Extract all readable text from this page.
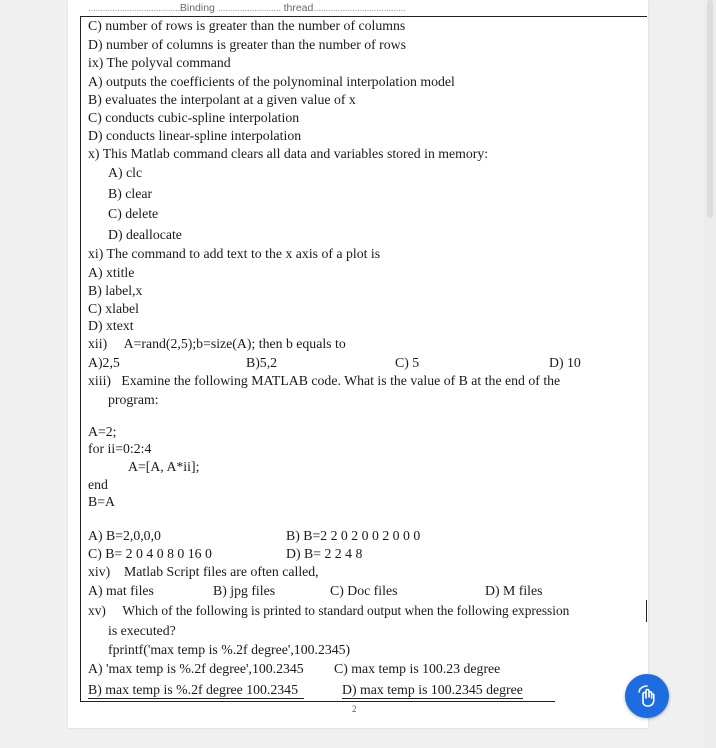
......................................Binding .......................... thread......................................
C) number of rows is greater than the number of columns
D) number of columns is greater than the number of rows
ix) The polyval command
A) outputs the coefficients of the polynominal interpolation model
B) evaluates the interpolant at a given value of x
C) conducts cubic-spline interpolation
D) conducts linear-spline interpolation
x) This Matlab command clears all data and variables stored in memory:
A) clc
B) clear
C) delete
D) deallocate
xi) The command to add text to the x axis of a plot is
A) xtitle
B) label,x
C) xlabel
D) xtext
xii)     A=rand(2,5);b=size(A); then b equals to
A)2,5	B)5,2	C) 5	D) 10
xiii)   Examine the following MATLAB code. What is the value of B at the end of the
program:
A=2;
for ii=0:2:4
A=[A, A*ii];
end
B=A
A) B=2,0,0,0	B) B=2 2 0 2 0 0 2 0 0 0
C) B= 2 0 4 0 8 0 16 0	D) B= 2 2 4 8
xiv)    Matlab Script files are often called,
A) mat files	B) jpg files	C) Doc files	D) M files
xv)     Which of the following is printed to standard output when the following expression
is executed?
fprintf('max temp is %.2f degree',100.2345)
A) 'max temp is %.2f degree',100.2345 C) max temp is 100.23 degree
B) max temp is %.2f degree 100.2345	D) max temp is 100.2345 degree
2
